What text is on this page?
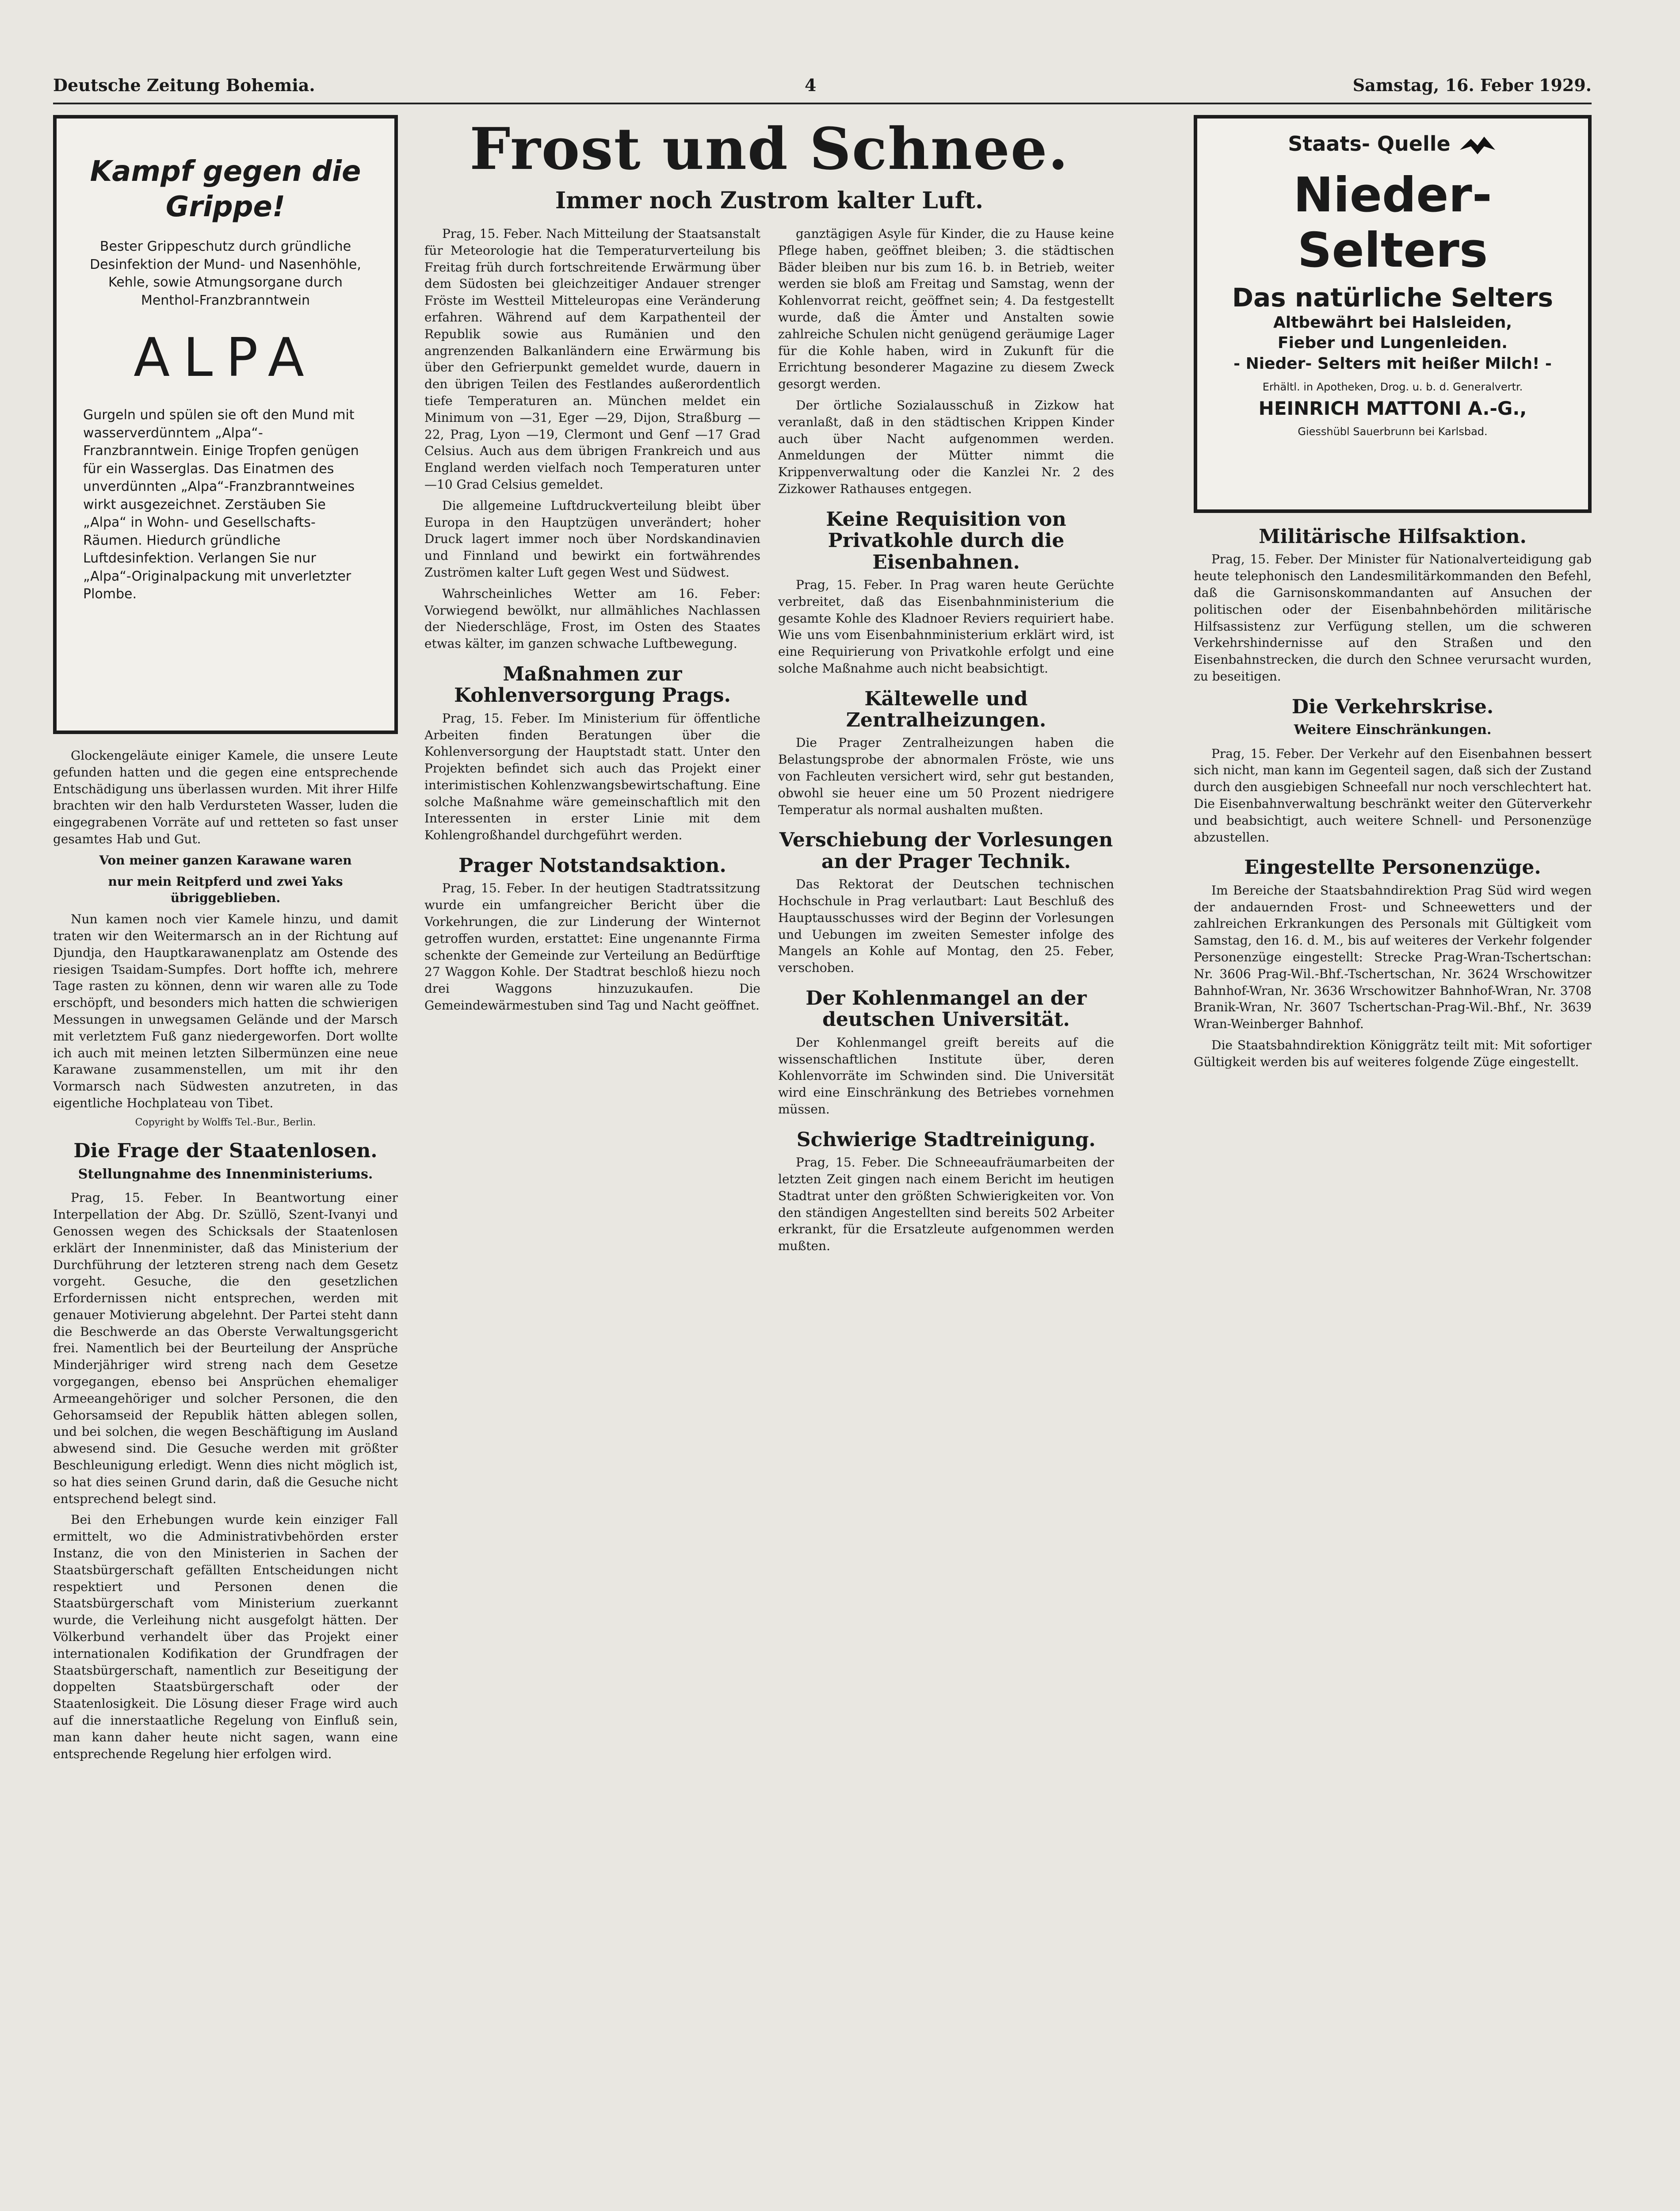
Deutsche Zeitung Bohemia.	4	Samstag, 16. Feber 1929.
Kampf gegen die Grippe!
Bester Grippeschutz durch gründliche Desinfektion der Mund- und Nasenhöhle, Kehle, sowie Atmungsorgane durch Menthol-Franzbranntwein
ALPA
Gurgeln und spülen sie oft den Mund mit wasserverdünntem „Alpa“-Franzbranntwein. Einige Tropfen genügen für ein Wasserglas. Das Einatmen des unverdünnten „Alpa“-Franzbranntweines wirkt ausgezeichnet. Zerstäuben Sie „Alpa“ in Wohn- und Gesellschafts-Räumen. Hiedurch gründliche Luftdesinfektion. Verlangen Sie nur „Alpa“-Originalpackung mit unverletzter Plombe.

Glockengeläute einiger Kamele, die unsere Leute gefunden hatten und die gegen eine entsprechende Entschädigung uns überlassen wurden. Mit ihrer Hilfe brachten wir den halb Verdursteten Wasser, luden die eingegrabenen Vorräte auf und retteten so fast unser gesamtes Hab und Gut.

Von meiner ganzen Karawane waren

nur mein Reitpferd und zwei Yaks übriggeblieben.

Nun kamen noch vier Kamele hinzu, und damit traten wir den Weitermarsch an in der Richtung auf Djundja, den Hauptkarawanenplatz am Ostende des riesigen Tsaidam-Sumpfes. Dort hoffte ich, mehrere Tage rasten zu können, denn wir waren alle zu Tode erschöpft, und besonders mich hatten die schwierigen Messungen in unwegsamen Gelände und der Marsch mit verletztem Fuß ganz niedergeworfen. Dort wollte ich auch mit meinen letzten Silbermünzen eine neue Karawane zusammenstellen, um mit ihr den Vormarsch nach Südwesten anzutreten, in das eigentliche Hochplateau von Tibet.

Copyright by Wolffs Tel.-Bur., Berlin.
Die Frage der Staatenlosen.
Stellungnahme des Innenministeriums.

Prag, 15. Feber. In Beantwortung einer Interpellation der Abg. Dr. Szüllö, Szent-Ivanyi und Genossen wegen des Schicksals der Staatenlosen erklärt der Innenminister, daß das Ministerium der Durchführung der letzteren streng nach dem Gesetz vorgeht. Gesuche, die den gesetzlichen Erfordernissen nicht entsprechen, werden mit genauer Motivierung abgelehnt. Der Partei steht dann die Beschwerde an das Oberste Verwaltungsgericht frei. Namentlich bei der Beurteilung der Ansprüche Minderjähriger wird streng nach dem Gesetze vorgegangen, ebenso bei Ansprüchen ehemaliger Armeeangehöriger und solcher Personen, die den Gehorsamseid der Republik hätten ablegen sollen, und bei solchen, die wegen Beschäftigung im Ausland abwesend sind. Die Gesuche werden mit größter Beschleunigung erledigt. Wenn dies nicht möglich ist, so hat dies seinen Grund darin, daß die Gesuche nicht entsprechend belegt sind.

Bei den Erhebungen wurde kein einziger Fall ermittelt, wo die Administrativbehörden erster Instanz, die von den Ministerien in Sachen der Staatsbürgerschaft gefällten Entscheidungen nicht respektiert und Personen denen die Staatsbürgerschaft vom Ministerium zuerkannt wurde, die Verleihung nicht ausgefolgt hätten. Der Völkerbund verhandelt über das Projekt einer internationalen Kodifikation der Grundfragen der Staatsbürgerschaft, namentlich zur Beseitigung der doppelten Staatsbürgerschaft oder der Staatenlosigkeit. Die Lösung dieser Frage wird auch auf die innerstaatliche Regelung von Einfluß sein, man kann daher heute nicht sagen, wann eine entsprechende Regelung hier erfolgen wird.

Frost und Schnee.
Immer noch Zustrom kalter Luft.

Prag, 15. Feber. Nach Mitteilung der Staatsanstalt für Meteorologie hat die Temperaturverteilung bis Freitag früh durch fortschreitende Erwärmung über dem Südosten bei gleichzeitiger Andauer strenger Fröste im Westteil Mitteleuropas eine Veränderung erfahren. Während auf dem Karpathenteil der Republik sowie aus Rumänien und den angrenzenden Balkanländern eine Erwärmung bis über den Gefrierpunkt gemeldet wurde, dauern in den übrigen Teilen des Festlandes außerordentlich tiefe Temperaturen an. München meldet ein Minimum von —31, Eger —29, Dijon, Straßburg —22, Prag, Lyon —19, Clermont und Genf —17 Grad Celsius. Auch aus dem übrigen Frankreich und aus England werden vielfach noch Temperaturen unter —10 Grad Celsius gemeldet.

Die allgemeine Luftdruckverteilung bleibt über Europa in den Hauptzügen unverändert; hoher Druck lagert immer noch über Nordskandinavien und Finnland und bewirkt ein fortwährendes Zuströmen kalter Luft gegen West und Südwest.

Wahrscheinliches Wetter am 16. Feber: Vorwiegend bewölkt, nur allmähliches Nachlassen der Niederschläge, Frost, im Osten des Staates etwas kälter, im ganzen schwache Luftbewegung.

Maßnahmen zur Kohlenversorgung Prags.

Prag, 15. Feber. Im Ministerium für öffentliche Arbeiten finden Beratungen über die Kohlenversorgung der Hauptstadt statt. Unter den Projekten befindet sich auch das Projekt einer interimistischen Kohlenzwangsbewirtschaftung. Eine solche Maßnahme wäre gemeinschaftlich mit den Interessenten in erster Linie mit dem Kohlengroßhandel durchgeführt werden.

Prager Notstandsaktion.

Prag, 15. Feber. In der heutigen Stadtratssitzung wurde ein umfangreicher Bericht über die Vorkehrungen, die zur Linderung der Winternot getroffen wurden, erstattet: Eine ungenannte Firma schenkte der Gemeinde zur Verteilung an Bedürftige 27 Waggon Kohle. Der Stadtrat beschloß hiezu noch drei Waggons hinzuzukaufen. Die Gemeindewärmestuben sind Tag und Nacht geöffnet.

ganztägigen Asyle für Kinder, die zu Hause keine Pflege haben, geöffnet bleiben; 3. die städtischen Bäder bleiben nur bis zum 16. b. in Betrieb, weiter werden sie bloß am Freitag und Samstag, wenn der Kohlenvorrat reicht, geöffnet sein; 4. Da festgestellt wurde, daß die Ämter und Anstalten sowie zahlreiche Schulen nicht genügend geräumige Lager für die Kohle haben, wird in Zukunft für die Errichtung besonderer Magazine zu diesem Zweck gesorgt werden.

Der örtliche Sozialausschuß in Zizkow hat veranlaßt, daß in den städtischen Krippen Kinder auch über Nacht aufgenommen werden. Anmeldungen der Mütter nimmt die Krippenverwaltung oder die Kanzlei Nr. 2 des Zizkower Rathauses entgegen.

Keine Requisition von Privatkohle durch die Eisenbahnen.

Prag, 15. Feber. In Prag waren heute Gerüchte verbreitet, daß das Eisenbahnministerium die gesamte Kohle des Kladnoer Reviers requiriert habe. Wie uns vom Eisenbahnministerium erklärt wird, ist eine Requirierung von Privatkohle erfolgt und eine solche Maßnahme auch nicht beabsichtigt.

Kältewelle und Zentralheizungen.

Die Prager Zentralheizungen haben die Belastungsprobe der abnormalen Fröste, wie uns von Fachleuten versichert wird, sehr gut bestanden, obwohl sie heuer eine um 50 Prozent niedrigere Temperatur als normal aushalten mußten.

Verschiebung der Vorlesungen an der Prager Technik.

Das Rektorat der Deutschen technischen Hochschule in Prag verlautbart: Laut Beschluß des Hauptausschusses wird der Beginn der Vorlesungen und Uebungen im zweiten Semester infolge des Mangels an Kohle auf Montag, den 25. Feber, verschoben.

Der Kohlenmangel an der deutschen Universität.

Der Kohlenmangel greift bereits auf die wissenschaftlichen Institute über, deren Kohlenvorräte im Schwinden sind. Die Universität wird eine Einschränkung des Betriebes vornehmen müssen.

Schwierige Stadtreinigung.

Prag, 15. Feber. Die Schneeaufräumarbeiten der letzten Zeit gingen nach einem Bericht im heutigen Stadtrat unter den größten Schwierigkeiten vor. Von den ständigen Angestellten sind bereits 502 Arbeiter erkrankt, für die Ersatzleute aufgenommen werden mußten.

Staats- Quelle
Nieder-Selters
Das natürliche Selters
Altbewährt bei Halsleiden,
Fieber und Lungenleiden.
- Nieder- Selters mit heißer Milch! -
Erhältl. in Apotheken, Drog. u. b. d. Generalvertr.
HEINRICH MATTONI A.-G.,
Giesshübl Sauerbrunn bei Karlsbad.
Militärische Hilfsaktion.

Prag, 15. Feber. Der Minister für Nationalverteidigung gab heute telephonisch den Landesmilitärkommanden den Befehl, daß die Garnisonskommandanten auf Ansuchen der politischen oder der Eisenbahnbehörden militärische Hilfsassistenz zur Verfügung stellen, um die schweren Verkehrshindernisse auf den Straßen und den Eisenbahnstrecken, die durch den Schnee verursacht wurden, zu beseitigen.

Die Verkehrskrise.
Weitere Einschränkungen.

Prag, 15. Feber. Der Verkehr auf den Eisenbahnen bessert sich nicht, man kann im Gegenteil sagen, daß sich der Zustand durch den ausgiebigen Schneefall nur noch verschlechtert hat. Die Eisenbahnverwaltung beschränkt weiter den Güterverkehr und beabsichtigt, auch weitere Schnell- und Personenzüge abzustellen.

Eingestellte Personenzüge.

Im Bereiche der Staatsbahndirektion Prag Süd wird wegen der andauernden Frost- und Schneewetters und der zahlreichen Erkrankungen des Personals mit Gültigkeit vom Samstag, den 16. d. M., bis auf weiteres der Verkehr folgender Personenzüge eingestellt: Strecke Prag-Wran-Tschertschan: Nr. 3606 Prag-Wil.-Bhf.-Tschertschan, Nr. 3624 Wrschowitzer Bahnhof-Wran, Nr. 3636 Wrschowitzer Bahnhof-Wran, Nr. 3708 Branik-Wran, Nr. 3607 Tschertschan-Prag-Wil.-Bhf., Nr. 3639 Wran-Weinberger Bahnhof.

Die Staatsbahndirektion Königgrätz teilt mit: Mit sofortiger Gültigkeit werden bis auf weiteres folgende Züge eingestellt.
